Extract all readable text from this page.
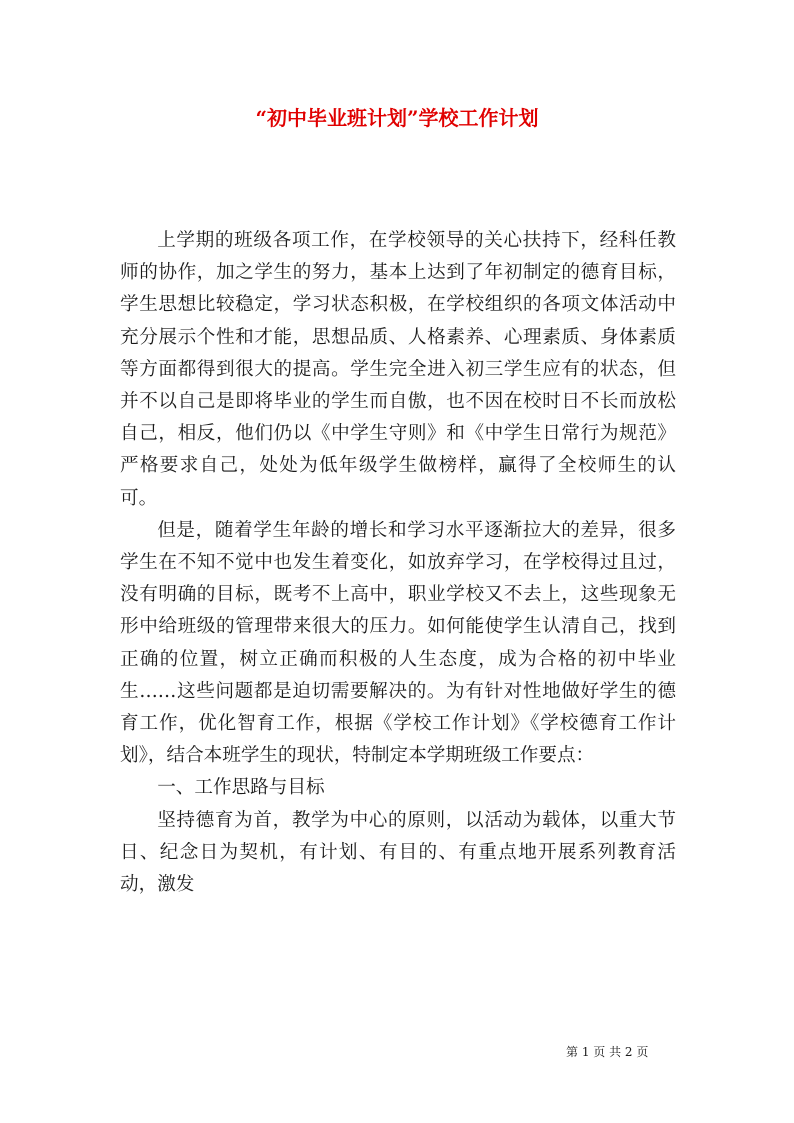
“初中毕业班计划”学校工作计划

上学期的班级各项工作，在学校领导的关心扶持下，经科任教师的协作，加之学生的努力，基本上达到了年初制定的德育目标，学生思想比较稳定，学习状态积极，在学校组织的各项文体活动中充分展示个性和才能，思想品质、人格素养、心理素质、身体素质等方面都得到很大的提高。学生完全进入初三学生应有的状态，但并不以自己是即将毕业的学生而自傲，也不因在校时日不长而放松自己，相反，他们仍以《中学生守则》和《中学生日常行为规范》严格要求自己，处处为低年级学生做榜样，赢得了全校师生的认可。

但是，随着学生年龄的增长和学习水平逐渐拉大的差异，很多学生在不知不觉中也发生着变化，如放弃学习，在学校得过且过，没有明确的目标，既考不上高中，职业学校又不去上，这些现象无形中给班级的管理带来很大的压力。如何能使学生认清自己，找到正确的位置，树立正确而积极的人生态度，成为合格的初中毕业生……这些问题都是迫切需要解决的。为有针对性地做好学生的德育工作，优化智育工作，根据《学校工作计划》《学校德育工作计划》，结合本班学生的现状，特制定本学期班级工作要点：

一、工作思路与目标

坚持德育为首，教学为中心的原则，以活动为载体，以重大节日、纪念日为契机，有计划、有目的、有重点地开展系列教育活动，激发

第 1 页 共 2 页
